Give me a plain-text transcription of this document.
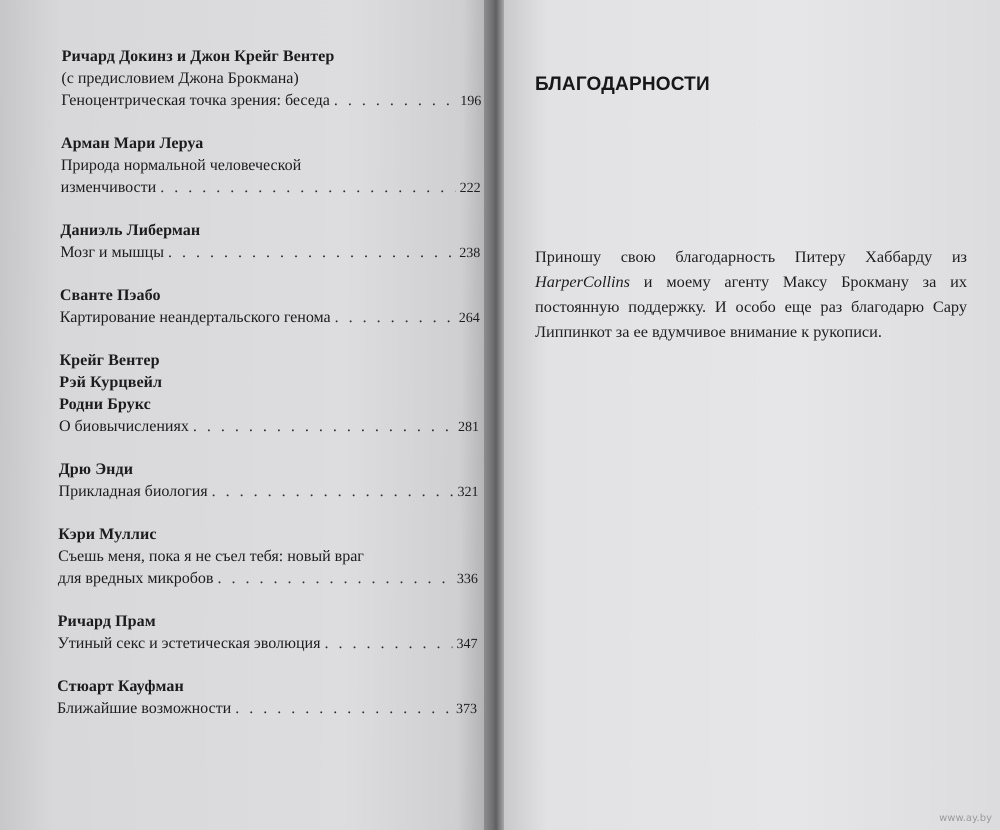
Ричард Докинз и Джон Крейг Вентер
(с предисловием Джона Брокмана)
Геноцентрическая точка зрения: беседа . . .	196
Арман Мари Леруа
Природа нормальной человеческой
изменчивости . . .	222
Даниэль Либерман
Мозг и мышцы . . .	238
Сванте Пэабо
Картирование неандертальского генома . . .	264
Крейг Вентер
Рэй Курцвейл
Родни Брукс
О биовычислениях . . .	281
Дрю Энди
Прикладная биология . . .	321
Кэри Муллис
Съешь меня, пока я не съел тебя: новый враг
для вредных микробов . . .	336
Ричард Прам
Утиный секс и эстетическая эволюция . . .	347
Стюарт Кауфман
Ближайшие возможности . . .	373
БЛАГОДАРНОСТИ
Приношу свою благодарность Питеру Хаббарду из HarperCollins и моему агенту Максу Брокману за их постоянную поддержку. И особо еще раз благодарю Сару Липпинкот за ее вдумчивое внимание к рукописи.
www.ay.by
